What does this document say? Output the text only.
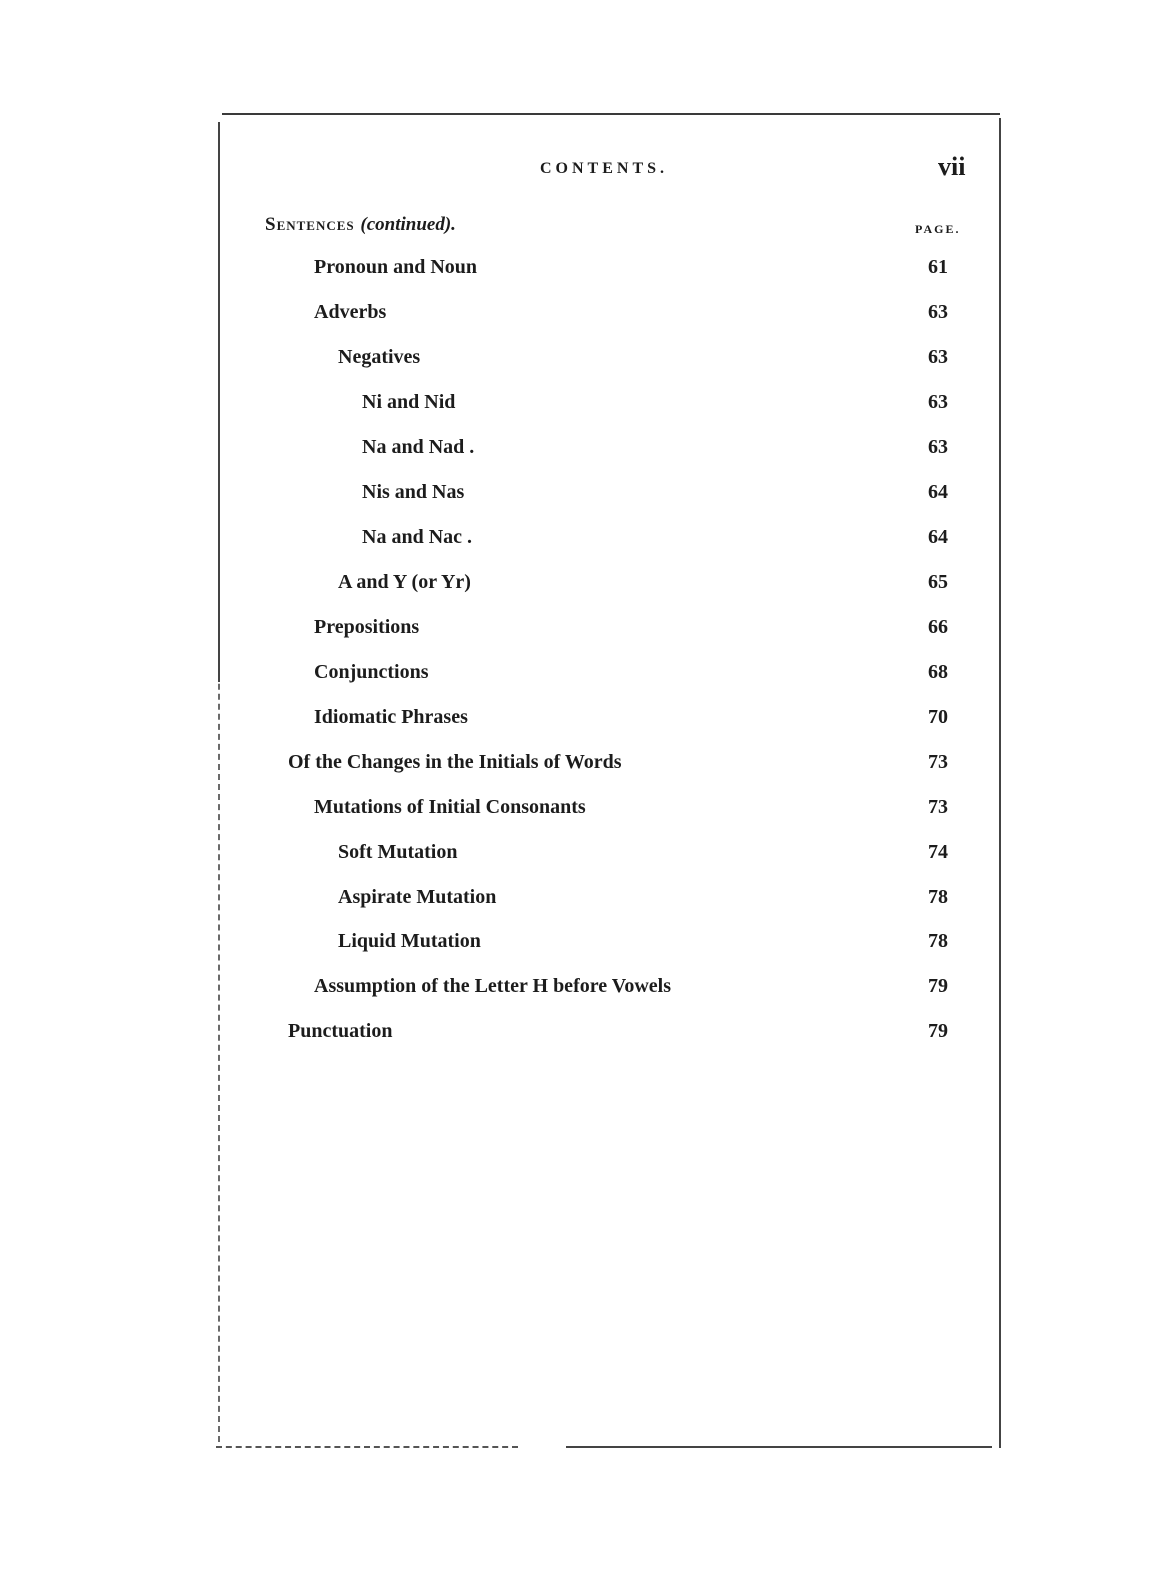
CONTENTS.	vii
Sentences (continued).	PAGE.
Pronoun and Noun	61
Adverbs	63
Negatives	63
Ni and Nid	63
Na and Nad .	63
Nis and Nas	64
Na and Nac .	64
A and Y (or Yr)	65
Prepositions	66
Conjunctions	68
Idiomatic Phrases	70
Of the Changes in the Initials of Words	73
Mutations of Initial Consonants	73
Soft Mutation	74
Aspirate Mutation	78
Liquid Mutation	78
Assumption of the Letter H before Vowels	79
Punctuation	79
